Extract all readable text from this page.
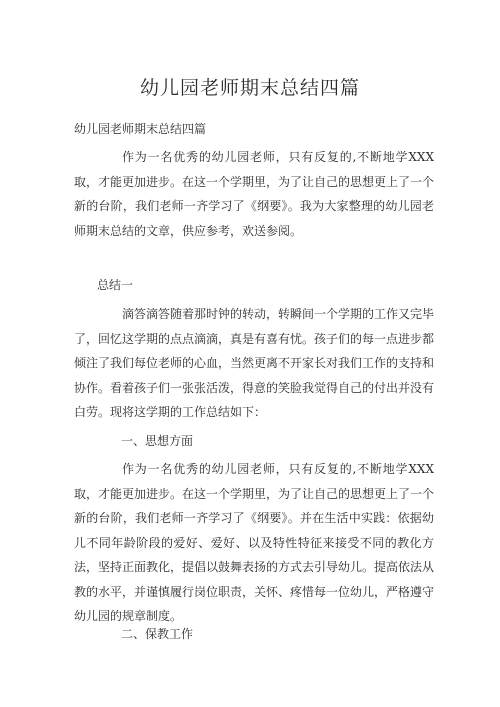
幼儿园老师期末总结四篇
幼儿园老师期末总结四篇

作为一名优秀的幼儿园老师，只有反复的,不断地学XXX取，才能更加进步。在这一个学期里，为了让自己的思想更上了一个新的台阶，我们老师一齐学习了《纲要》。我为大家整理的幼儿园老师期末总结的文章，供应参考，欢送参阅。

总结一

滴答滴答随着那时钟的转动，转瞬间一个学期的工作又完毕了，回忆这学期的点点滴滴，真是有喜有忧。孩子们的每一点进步都倾注了我们每位老师的心血，当然更离不开家长对我们工作的支持和协作。看着孩子们一张张活泼，得意的笑脸我觉得自己的付出并没有白劳。现将这学期的工作总结如下：

一、思想方面

作为一名优秀的幼儿园老师，只有反复的,不断地学XXX取，才能更加进步。在这一个学期里，为了让自己的思想更上了一个新的台阶，我们老师一齐学习了《纲要》。并在生活中实践：依据幼儿不同年龄阶段的爱好、爱好、以及特性特征来接受不同的教化方法，坚持正面教化，提倡以鼓舞表扬的方式去引导幼儿。提高依法从教的水平，并谨慎履行岗位职责，关怀、疼惜每一位幼儿，严格遵守幼儿园的规章制度。

二、保教工作
